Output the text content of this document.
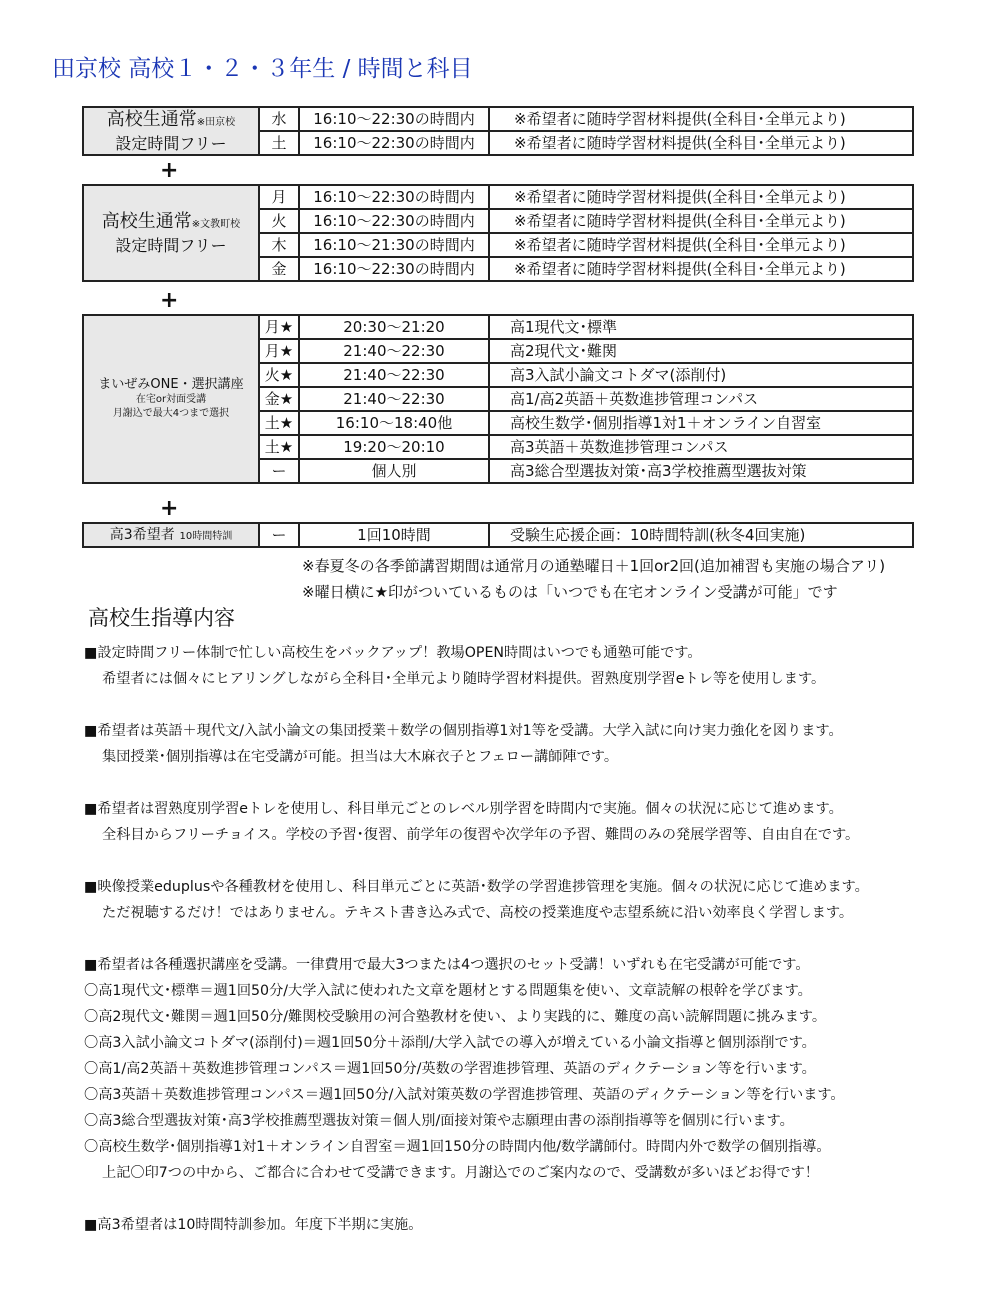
田京校 高校１・２・３年生 / 時間と科目
高校生通常※田京校
設定時間フリー	水	16:10〜22:30の時間内	※希望者に随時学習材料提供(全科目･全単元より)
	土	16:10〜22:30の時間内	※希望者に随時学習材料提供(全科目･全単元より)
+
高校生通常※文教町校
設定時間フリー	月	16:10〜22:30の時間内	※希望者に随時学習材料提供(全科目･全単元より)
	火	16:10〜22:30の時間内	※希望者に随時学習材料提供(全科目･全単元より)
	木	16:10〜21:30の時間内	※希望者に随時学習材料提供(全科目･全単元より)
	金	16:10〜22:30の時間内	※希望者に随時学習材料提供(全科目･全単元より)
+
まいぜみONE・選択講座
在宅or対面受講
月謝込で最大4つまで選択	月★	20:30〜21:20	高1現代文･標準
	月★	21:40〜22:30	高2現代文･難関
	火★	21:40〜22:30	高3入試小論文コトダマ(添削付)
	金★	21:40〜22:30	高1/高2英語＋英数進捗管理コンパス
	土★	16:10〜18:40他	高校生数学･個別指導1対1＋オンライン自習室
	土★	19:20〜20:10	高3英語＋英数進捗管理コンパス
	ー	個人別	高3総合型選抜対策･高3学校推薦型選抜対策
+
高3希望者 10時間特訓	ー	1回10時間	受験生応援企画：10時間特訓(秋冬4回実施)
※春夏冬の各季節講習期間は通常月の通塾曜日＋1回or2回(追加補習も実施の場合アリ)
※曜日横に★印がついているものは「いつでも在宅オンライン受講が可能」です
高校生指導内容
■設定時間フリー体制で忙しい高校生をバックアップ！教場OPEN時間はいつでも通塾可能です。
希望者には個々にヒアリングしながら全科目･全単元より随時学習材料提供。習熟度別学習eトレ等を使用します。
■希望者は英語＋現代文/入試小論文の集団授業＋数学の個別指導1対1等を受講。大学入試に向け実力強化を図ります。
集団授業･個別指導は在宅受講が可能。担当は大木麻衣子とフェロー講師陣です。
■希望者は習熟度別学習eトレを使用し、科目単元ごとのレベル別学習を時間内で実施。個々の状況に応じて進めます。
全科目からフリーチョイス。学校の予習･復習、前学年の復習や次学年の予習、難問のみの発展学習等、自由自在です。
■映像授業eduplusや各種教材を使用し、科目単元ごとに英語･数学の学習進捗管理を実施。個々の状況に応じて進めます。
ただ視聴するだけ！ではありません。テキスト書き込み式で、高校の授業進度や志望系統に沿い効率良く学習します。
■希望者は各種選択講座を受講。一律費用で最大3つまたは4つ選択のセット受講！いずれも在宅受講が可能です。
〇高1現代文･標準＝週1回50分/大学入試に使われた文章を題材とする問題集を使い、文章読解の根幹を学びます。
〇高2現代文･難関＝週1回50分/難関校受験用の河合塾教材を使い、より実践的に、難度の高い読解問題に挑みます。
〇高3入試小論文コトダマ(添削付)＝週1回50分＋添削/大学入試での導入が増えている小論文指導と個別添削です。
〇高1/高2英語＋英数進捗管理コンパス＝週1回50分/英数の学習進捗管理、英語のディクテーション等を行います。
〇高3英語＋英数進捗管理コンパス＝週1回50分/入試対策英数の学習進捗管理、英語のディクテーション等を行います。
〇高3総合型選抜対策･高3学校推薦型選抜対策＝個人別/面接対策や志願理由書の添削指導等を個別に行います。
〇高校生数学･個別指導1対1＋オンライン自習室＝週1回150分の時間内他/数学講師付。時間内外で数学の個別指導。
上記〇印7つの中から、ご都合に合わせて受講できます。月謝込でのご案内なので、受講数が多いほどお得です！
■高3希望者は10時間特訓参加。年度下半期に実施。
